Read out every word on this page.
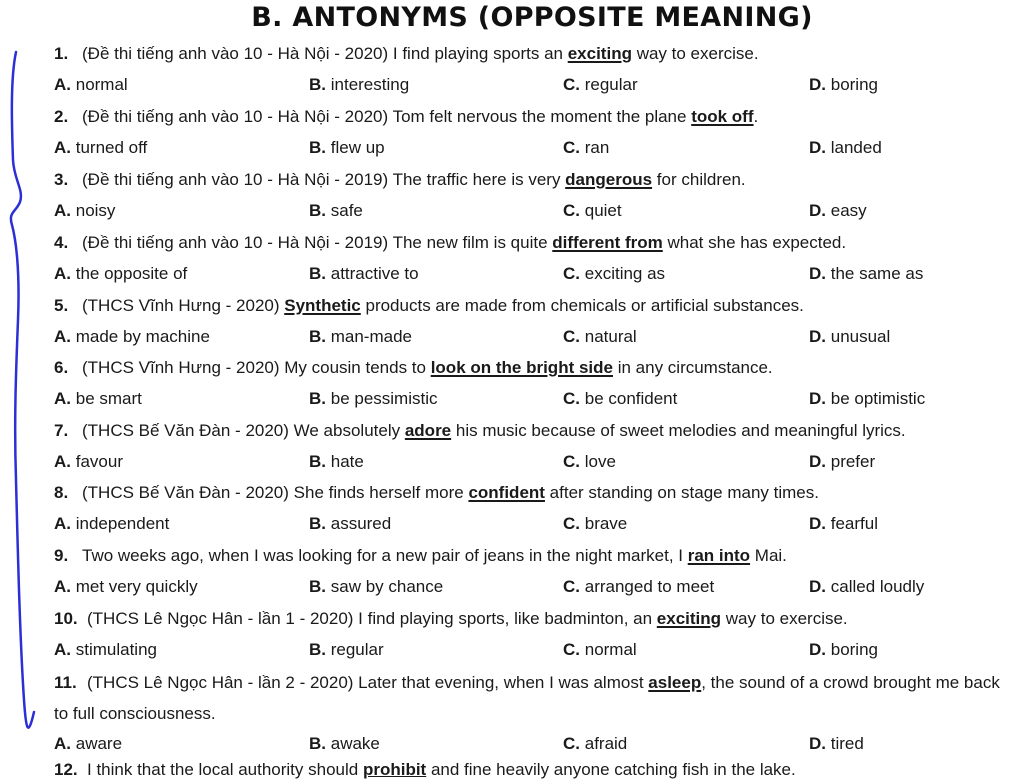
B. ANTONYMS (OPPOSITE MEANING)
1. (Đề thi tiếng anh vào 10 - Hà Nội - 2020) I find playing sports an exciting way to exercise.
A. normal	B. interesting	C. regular	D. boring
2. (Đề thi tiếng anh vào 10 - Hà Nội - 2020) Tom felt nervous the moment the plane took off.
A. turned off	B. flew up	C. ran	D. landed
3. (Đề thi tiếng anh vào 10 - Hà Nội - 2019) The traffic here is very dangerous for children.
A. noisy	B. safe	C. quiet	D. easy
4. (Đề thi tiếng anh vào 10 - Hà Nội - 2019) The new film is quite different from what she has expected.
A. the opposite of	B. attractive to	C. exciting as	D. the same as
5. (THCS Vĩnh Hưng - 2020) Synthetic products are made from chemicals or artificial substances.
A. made by machine	B. man-made	C. natural	D. unusual
6. (THCS Vĩnh Hưng - 2020) My cousin tends to look on the bright side in any circumstance.
A. be smart	B. be pessimistic	C. be confident	D. be optimistic
7. (THCS Bế Văn Đàn - 2020) We absolutely adore his music because of sweet melodies and meaningful lyrics.
A. favour	B. hate	C. love	D. prefer
8. (THCS Bế Văn Đàn - 2020) She finds herself more confident after standing on stage many times.
A. independent	B. assured	C. brave	D. fearful
9. Two weeks ago, when I was looking for a new pair of jeans in the night market, I ran into Mai.
A. met very quickly	B. saw by chance	C. arranged to meet	D. called loudly
10. (THCS Lê Ngọc Hân - lần 1 - 2020) I find playing sports, like badminton, an exciting way to exercise.
A. stimulating	B. regular	C. normal	D. boring
11. (THCS Lê Ngọc Hân - lần 2 - 2020) Later that evening, when I was almost asleep, the sound of a crowd brought me back to full consciousness.
A. aware	B. awake	C. afraid	D. tired
12. I think that the local authority should prohibit and fine heavily anyone catching fish in the lake.
